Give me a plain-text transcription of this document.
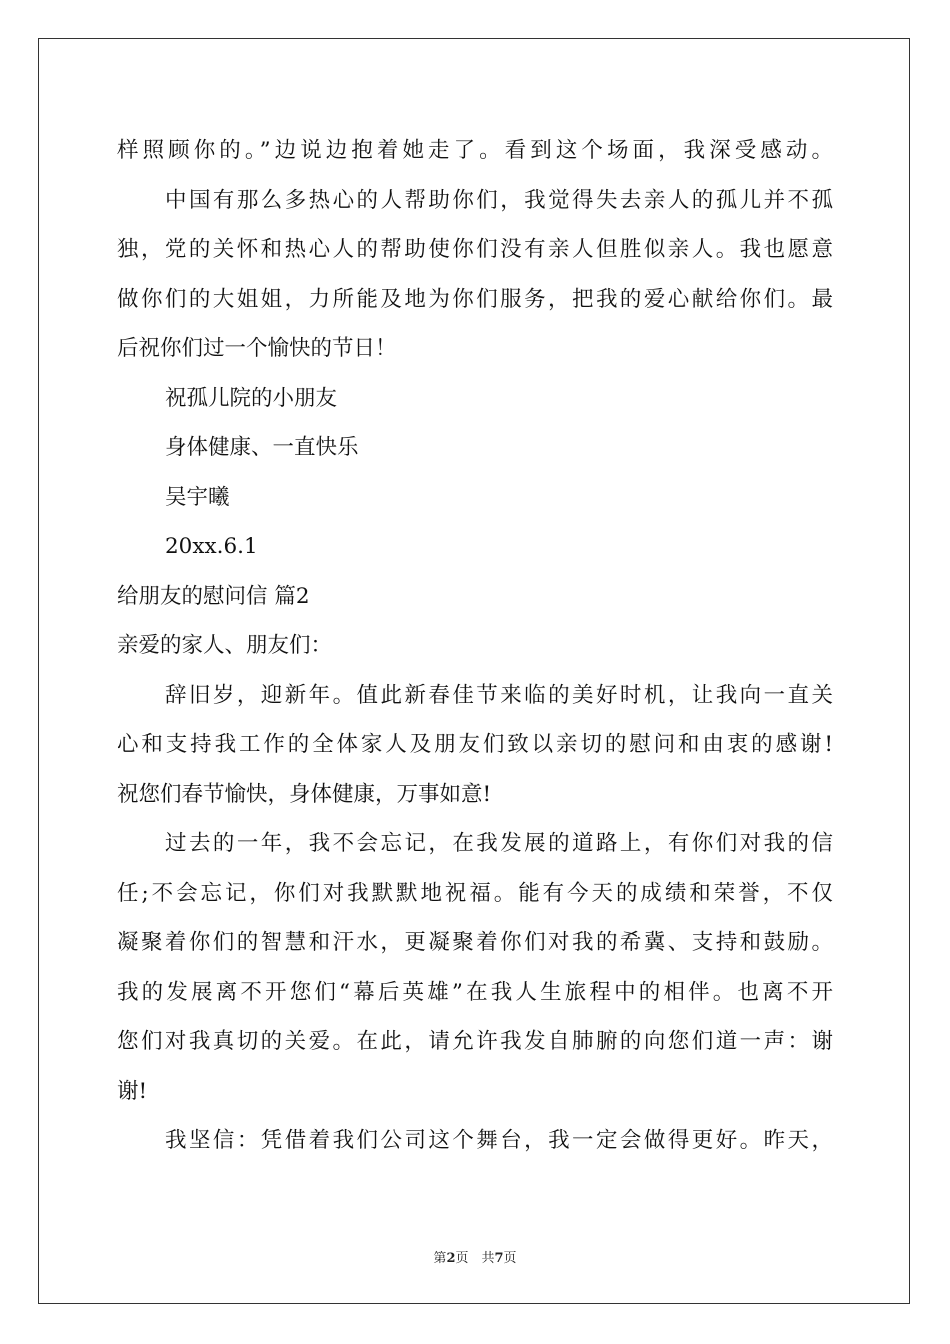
样照顾你的。”边说边抱着她走了。看到这个场面，我深受感动。
中国有那么多热心的人帮助你们，我觉得失去亲人的孤儿并不孤
独，党的关怀和热心人的帮助使你们没有亲人但胜似亲人。我也愿意
做你们的大姐姐，力所能及地为你们服务，把我的爱心献给你们。最
后祝你们过一个愉快的节日！
祝孤儿院的小朋友
身体健康、一直快乐
吴宇曦
20xx.6.1
给朋友的慰问信 篇2
亲爱的家人、朋友们：
辞旧岁，迎新年。值此新春佳节来临的美好时机，让我向一直关
心和支持我工作的全体家人及朋友们致以亲切的慰问和由衷的感谢!
祝您们春节愉快，身体健康，万事如意!
过去的一年，我不会忘记，在我发展的道路上，有你们对我的信
任;不会忘记，你们对我默默地祝福。能有今天的成绩和荣誉，不仅
凝聚着你们的智慧和汗水，更凝聚着你们对我的希冀、支持和鼓励。
我的发展离不开您们“幕后英雄”在我人生旅程中的相伴。也离不开
您们对我真切的关爱。在此，请允许我发自肺腑的向您们道一声：谢
谢!
我坚信：凭借着我们公司这个舞台，我一定会做得更好。昨天，
第2页　共7页
